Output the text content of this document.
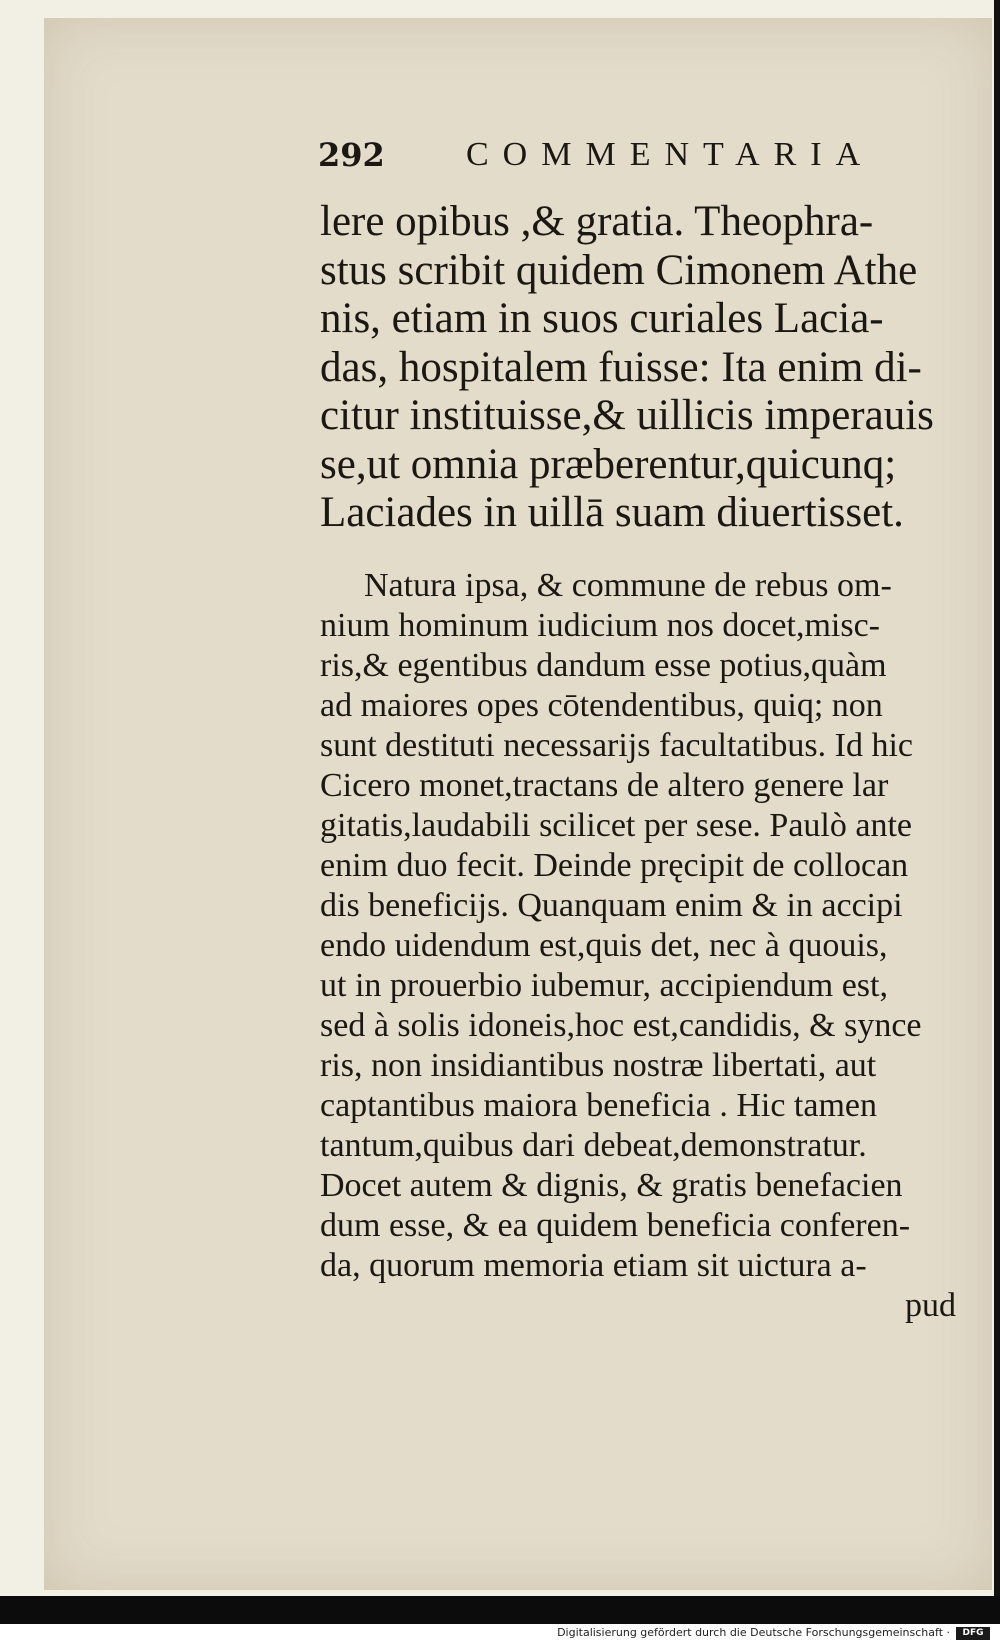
292 COMMENTARIA
lere opibus ,& gratia. Theophra-
stus scribit quidem Cimonem Athe
nis, etiam in suos curiales Lacia-
das, hospitalem fuisse: Ita enim di-
citur instituisse,& uillicis imperauis
se,ut omnia præberentur,quicunq;
Laciades in uillā suam diuertisset.
Natura ipsa, & commune de rebus om-
nium hominum iudicium nos docet,misc-
ris,& egentibus dandum esse potius,quàm
ad maiores opes cōtendentibus, quiq; non
sunt destituti necessarijs facultatibus. Id hic
Cicero monet,tractans de altero genere lar
gitatis,laudabili scilicet per sese. Paulò ante
enim duo fecit. Deinde pręcipit de collocan
dis beneficijs. Quanquam enim & in accipi
endo uidendum est,quis det, nec à quouis,
ut in prouerbio iubemur, accipiendum est,
sed à solis idoneis,hoc est,candidis, & synce
ris, non insidiantibus nostræ libertati, aut
captantibus maiora beneficia . Hic tamen
tantum,quibus dari debeat,demonstratur.
Docet autem & dignis, & gratis benefacien
dum esse, & ea quidem beneficia conferen-
da, quorum memoria etiam sit uictura a-
pud
Digitalisierung gefördert durch die Deutsche Forschungsgemeinschaft ·	DFG
